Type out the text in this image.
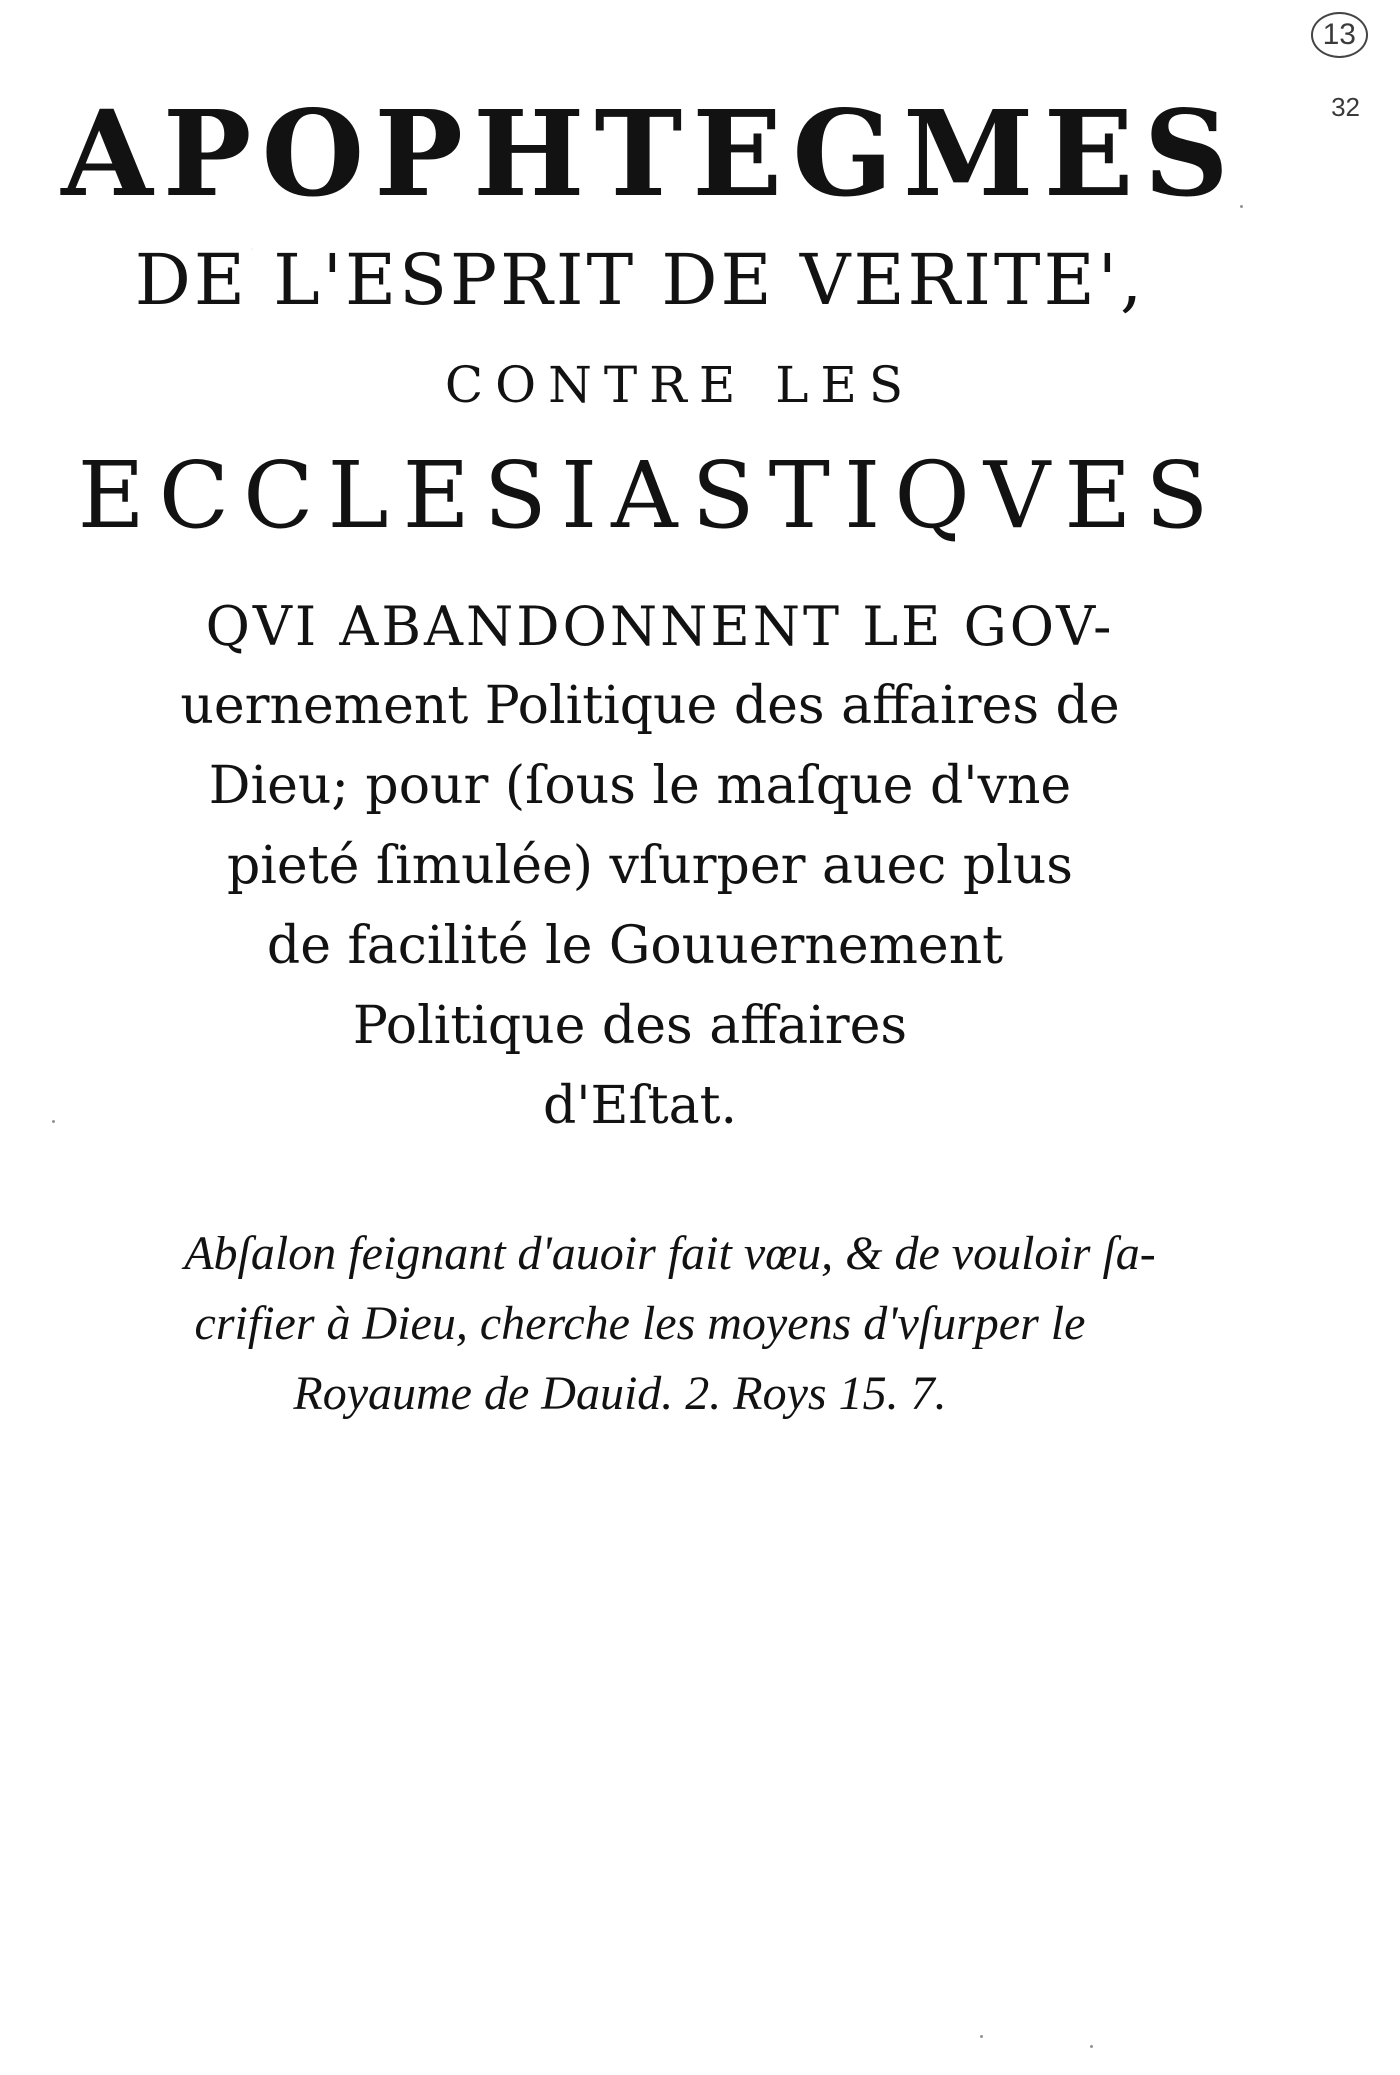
13
32
APOPHTEGMES
DE L'ESPRIT DE VERITE',
CONTRE LES
ECCLESIASTIQVES
QVI ABANDONNENT LE GOV-
uernement Politique des affaires de
Dieu; pour (ſous le maſque d'vne
pieté ſimulée) vſurper auec plus
de facilité le Gouuernement
Politique des affaires
d'Eſtat.
Abſalon feignant d'auoir fait vœu, & de vouloir ſa-
crifier à Dieu, cherche les moyens d'vſurper le
Royaume de Dauid. 2. Roys 15. 7.
